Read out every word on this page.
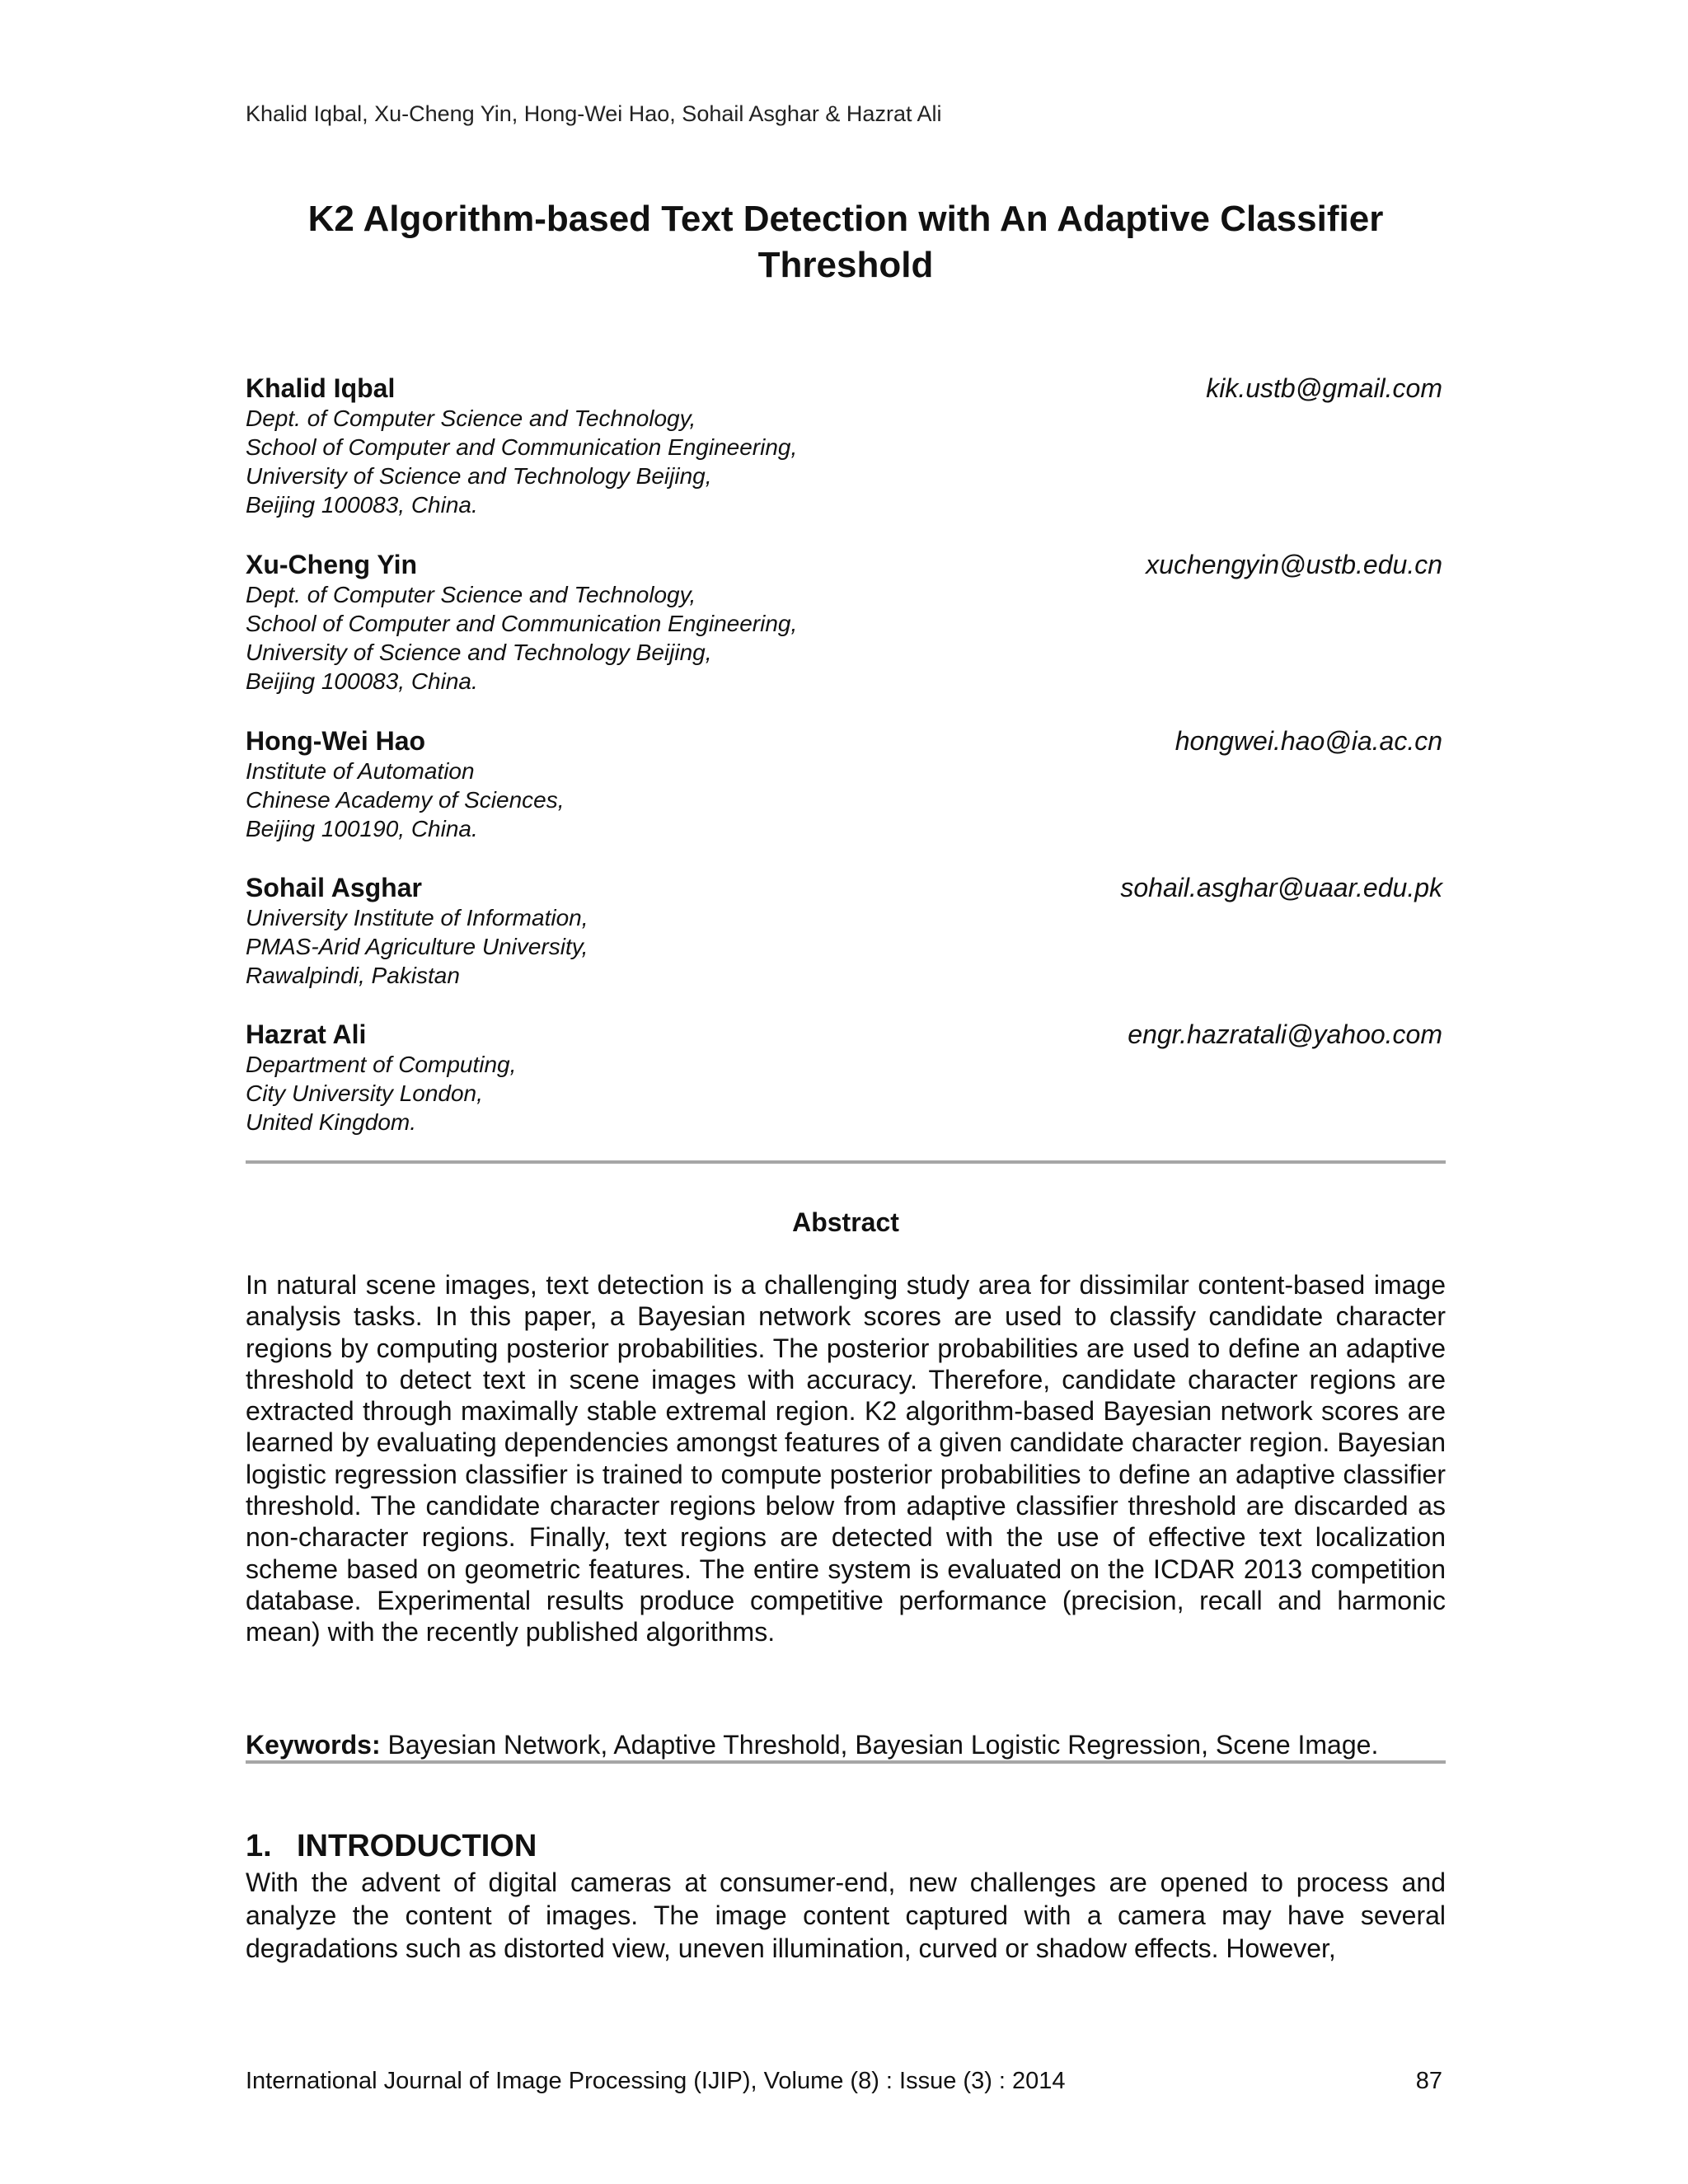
Khalid Iqbal, Xu-Cheng Yin, Hong-Wei Hao, Sohail Asghar & Hazrat Ali
K2 Algorithm-based Text Detection with An Adaptive Classifier
Threshold
Khalid Iqbal	kik.ustb@gmail.com
Dept. of Computer Science and Technology,
School of Computer and Communication Engineering,
University of Science and Technology Beijing,
Beijing 100083, China.
Xu-Cheng Yin	xuchengyin@ustb.edu.cn
Dept. of Computer Science and Technology,
School of Computer and Communication Engineering,
University of Science and Technology Beijing,
Beijing 100083, China.
Hong-Wei Hao	hongwei.hao@ia.ac.cn
Institute of Automation
Chinese Academy of Sciences,
Beijing 100190, China.
Sohail Asghar	sohail.asghar@uaar.edu.pk
University Institute of Information,
PMAS-Arid Agriculture University,
Rawalpindi, Pakistan
Hazrat Ali	engr.hazratali@yahoo.com
Department of Computing,
City University London,
United Kingdom.
Abstract

In natural scene images, text detection is a challenging study area for dissimilar content-based image analysis tasks. In this paper, a Bayesian network scores are used to classify candidate character regions by computing posterior probabilities. The posterior probabilities are used to define an adaptive threshold to detect text in scene images with accuracy. Therefore, candidate character regions are extracted through maximally stable extremal region. K2 algorithm-based Bayesian network scores are learned by evaluating dependencies amongst features of a given candidate character region. Bayesian logistic regression classifier is trained to compute posterior probabilities to define an adaptive classifier threshold. The candidate character regions below from adaptive classifier threshold are discarded as non-character regions. Finally, text regions are detected with the use of effective text localization scheme based on geometric features. The entire system is evaluated on the ICDAR 2013 competition database. Experimental results produce competitive performance (precision, recall and harmonic mean) with the recently published algorithms.

Keywords: Bayesian Network, Adaptive Threshold, Bayesian Logistic Regression, Scene Image.

1. INTRODUCTION

With the advent of digital cameras at consumer-end, new challenges are opened to process and analyze the content of images. The image content captured with a camera may have several degradations such as distorted view, uneven illumination, curved or shadow effects. However,

International Journal of Image Processing (IJIP), Volume (8) : Issue (3) : 2014	87
